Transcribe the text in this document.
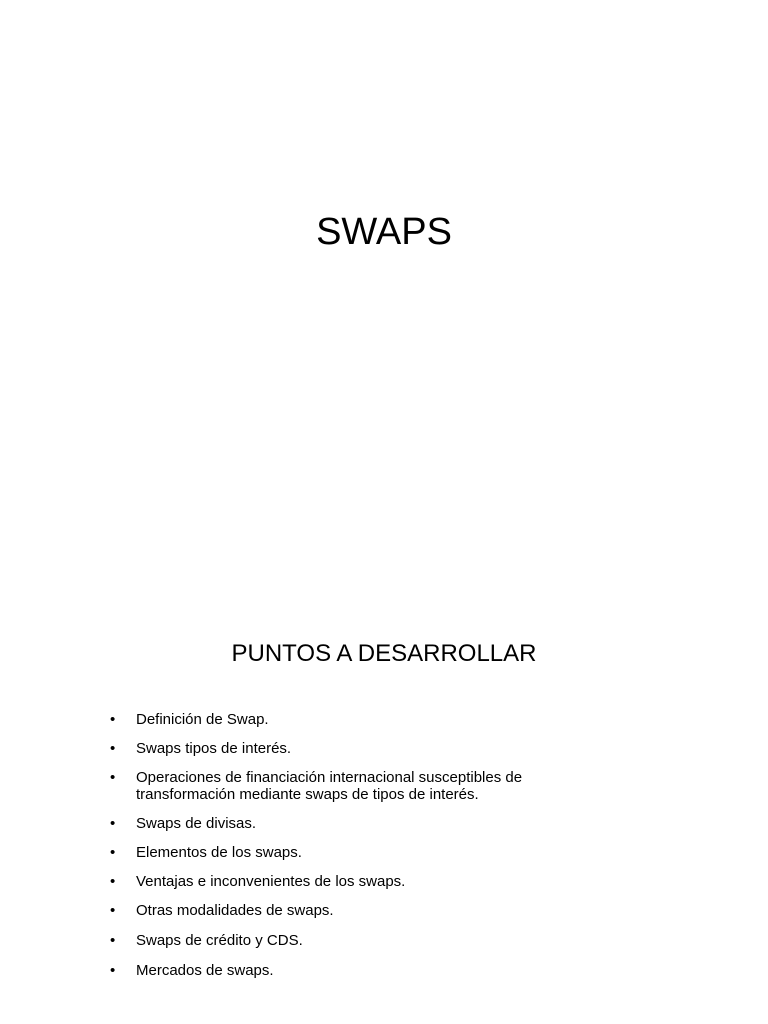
SWAPS
PUNTOS A DESARROLLAR
• Definición de Swap.
• Swaps tipos de interés.
• Operaciones de financiación internacional susceptibles de transformación mediante swaps de tipos de interés.
• Swaps de divisas.
• Elementos de los swaps.
• Ventajas e inconvenientes de los swaps.
• Otras modalidades de swaps.
• Swaps de crédito y CDS.
• Mercados de swaps.
